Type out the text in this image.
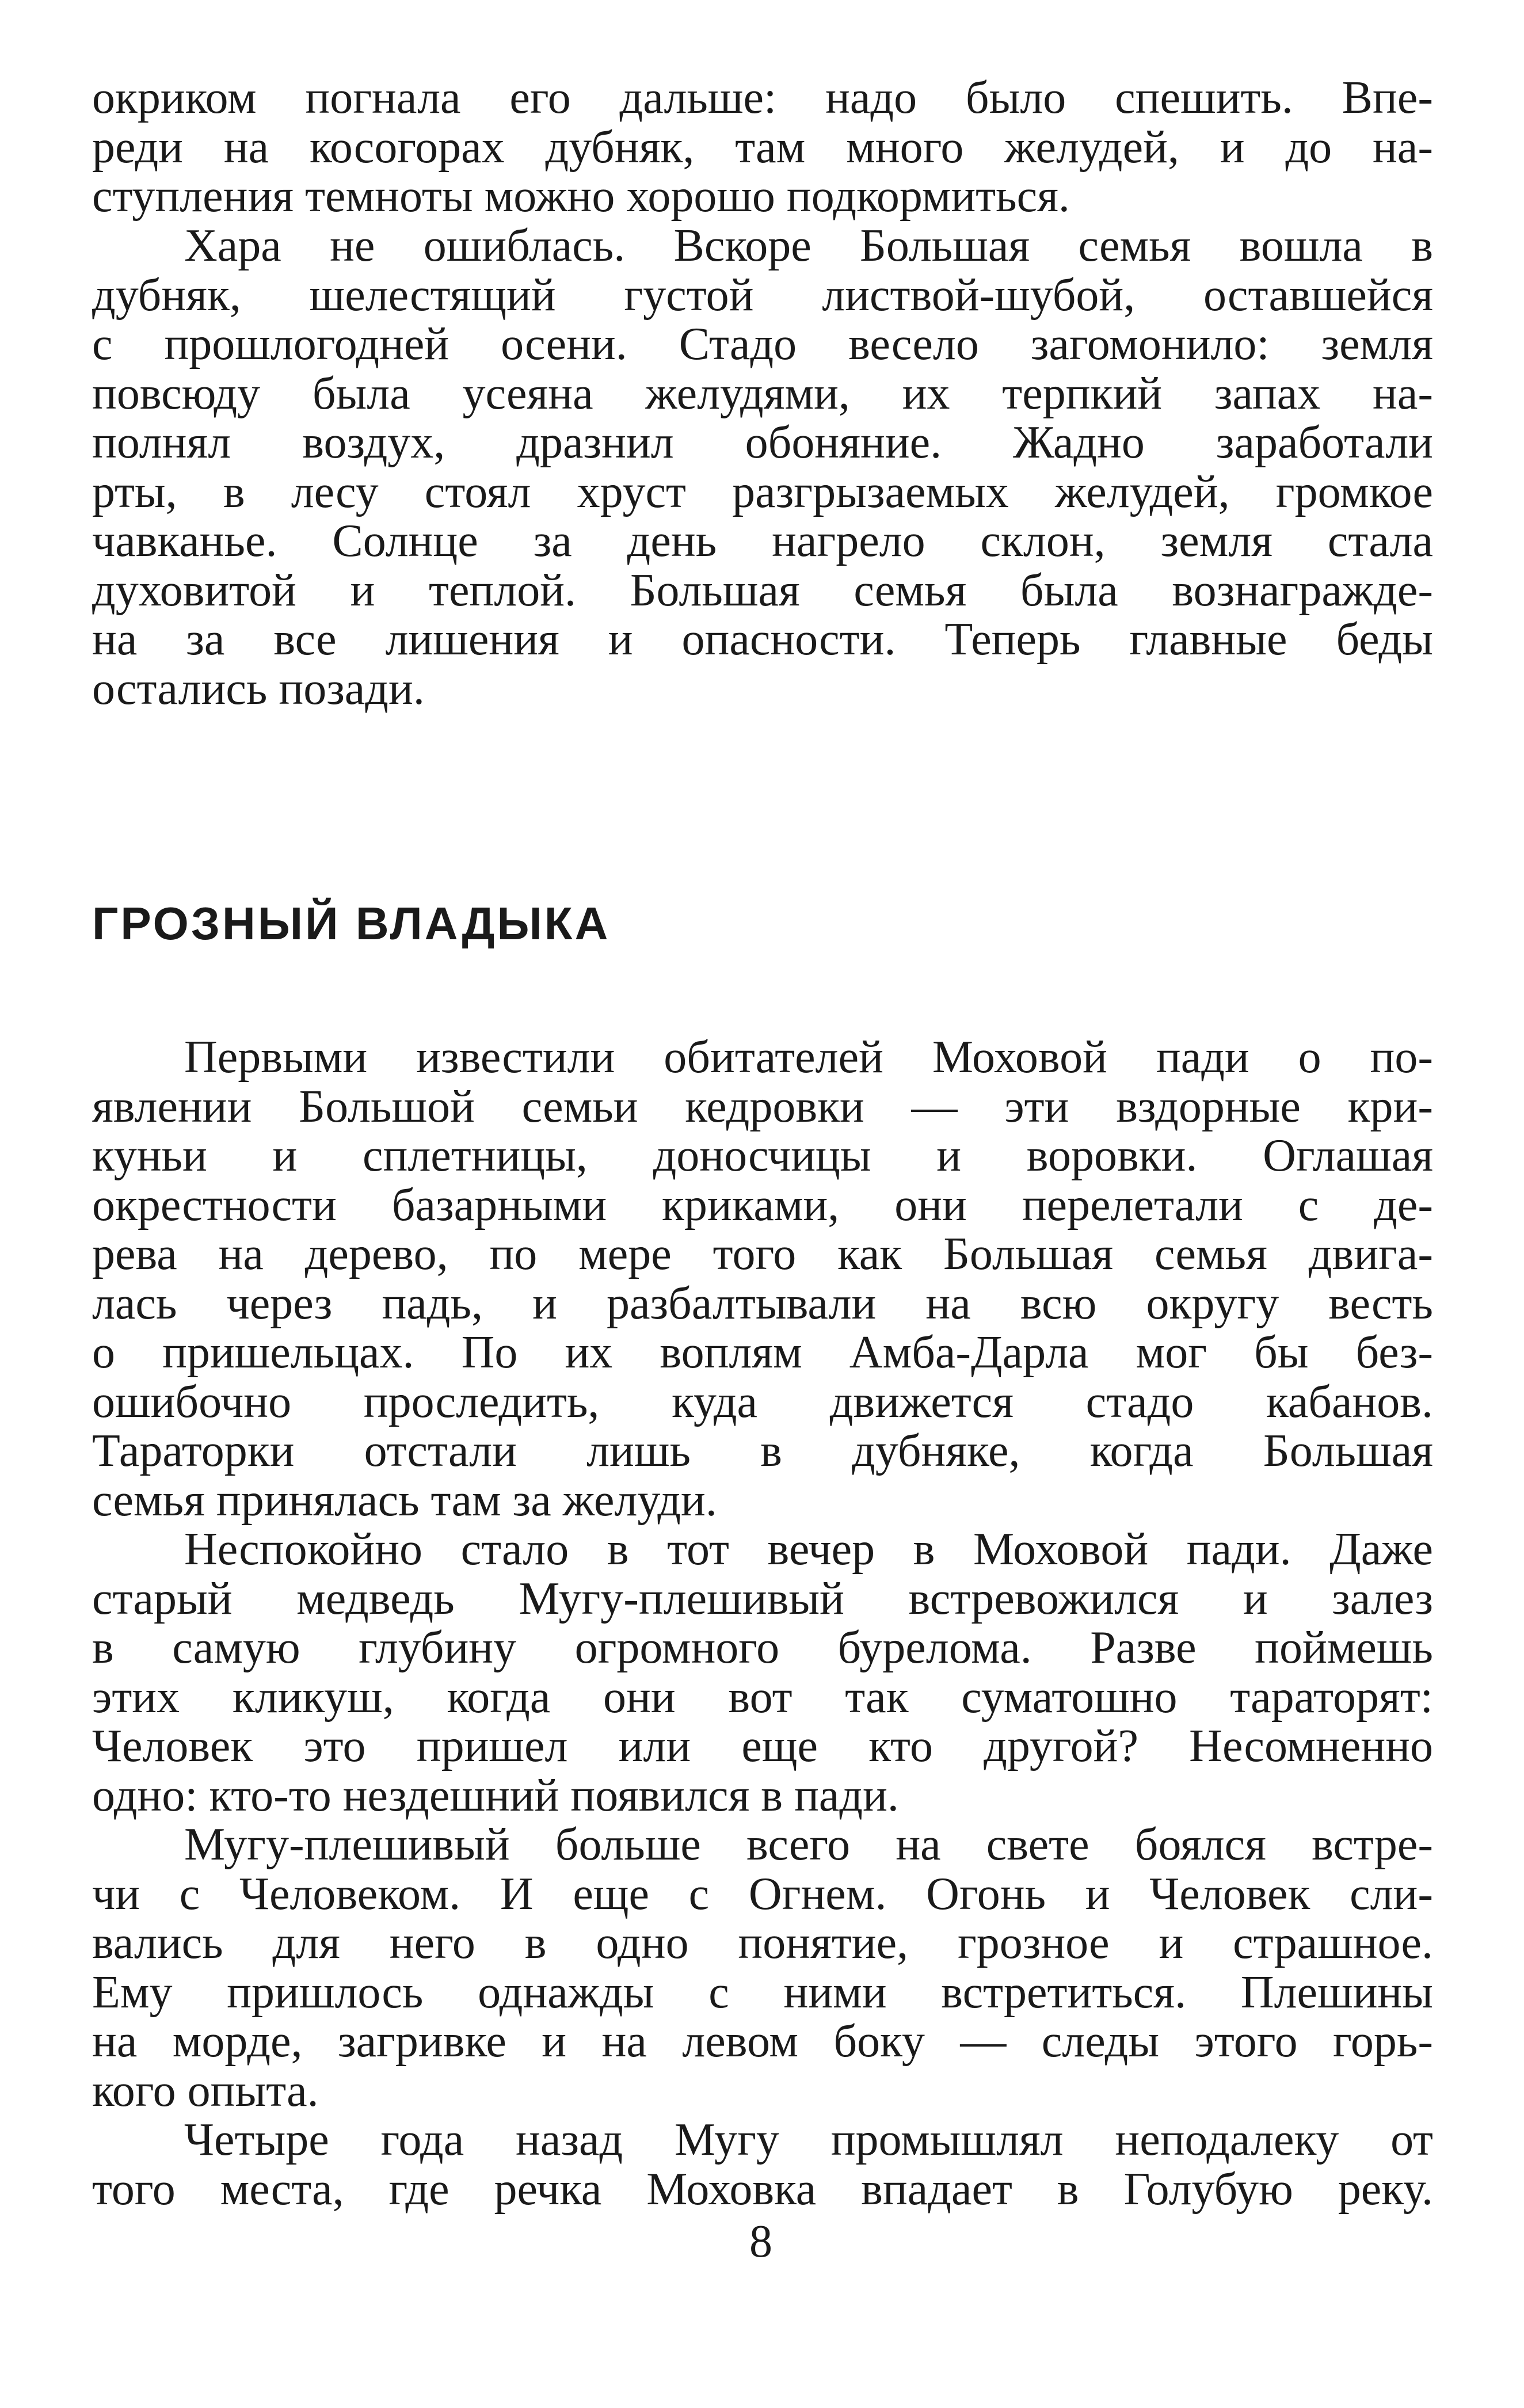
окриком погнала его дальше: надо было спешить. Впе-
реди на косогорах дубняк, там много желудей, и до на-
ступления темноты можно хорошо подкормиться.
Хара не ошиблась. Вскоре Большая семья вошла в
дубняк, шелестящий густой листвой-шубой, оставшейся
с прошлогодней осени. Стадо весело загомонило: земля
повсюду была усеяна желудями, их терпкий запах на-
полнял воздух, дразнил обоняние. Жадно заработали
рты, в лесу стоял хруст разгрызаемых желудей, громкое
чавканье. Солнце за день нагрело склон, земля стала
духовитой и теплой. Большая семья была вознагражде-
на за все лишения и опасности. Теперь главные беды
остались позади.
ГРОЗНЫЙ ВЛАДЫКА
Первыми известили обитателей Моховой пади о по-
явлении Большой семьи кедровки — эти вздорные кри-
куньи и сплетницы, доносчицы и воровки. Оглашая
окрестности базарными криками, они перелетали с де-
рева на дерево, по мере того как Большая семья двига-
лась через падь, и разбалтывали на всю округу весть
о пришельцах. По их воплям Амба-Дарла мог бы без-
ошибочно проследить, куда движется стадо кабанов.
Тараторки отстали лишь в дубняке, когда Большая
семья принялась там за желуди.
Неспокойно стало в тот вечер в Моховой пади. Даже
старый медведь Мугу-плешивый встревожился и залез
в самую глубину огромного бурелома. Разве поймешь
этих кликуш, когда они вот так суматошно тараторят:
Человек это пришел или еще кто другой? Несомненно
одно: кто-то нездешний появился в пади.
Мугу-плешивый больше всего на свете боялся встре-
чи с Человеком. И еще с Огнем. Огонь и Человек сли-
вались для него в одно понятие, грозное и страшное.
Ему пришлось однажды с ними встретиться. Плешины
на морде, загривке и на левом боку — следы этого горь-
кого опыта.
Четыре года назад Мугу промышлял неподалеку от
того места, где речка Моховка впадает в Голубую реку.
8
